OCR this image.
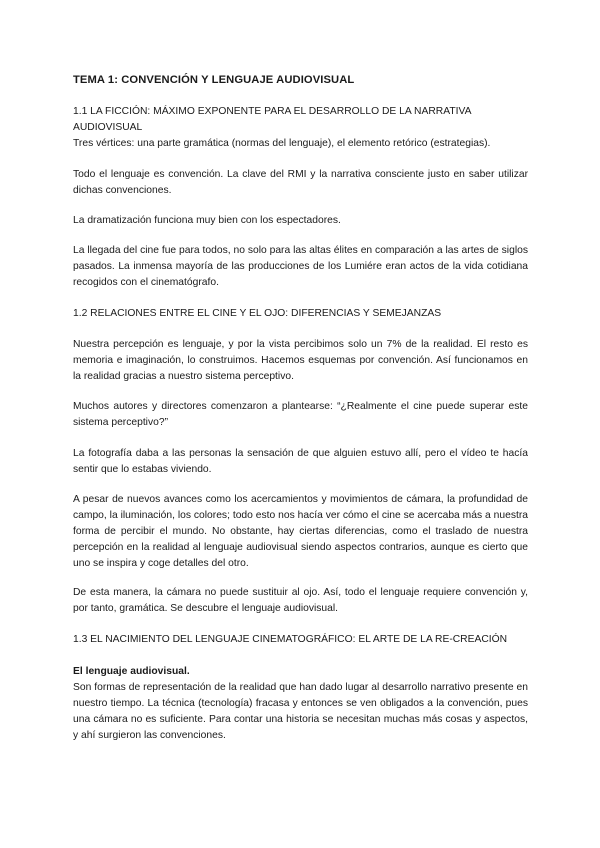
TEMA 1: CONVENCIÓN Y LENGUAJE AUDIOVISUAL

1.1 LA FICCIÓN: MÁXIMO EXPONENTE PARA EL DESARROLLO DE LA NARRATIVA AUDIOVISUAL

Tres vértices: una parte gramática (normas del lenguaje), el elemento retórico (estrategias).

Todo el lenguaje es convención. La clave del RMI y la narrativa consciente justo en saber utilizar dichas convenciones.

La dramatización funciona muy bien con los espectadores.

La llegada del cine fue para todos, no solo para las altas élites en comparación a las artes de siglos pasados. La inmensa mayoría de las producciones de los Lumiére eran actos de la vida cotidiana recogidos con el cinematógrafo.

1.2 RELACIONES ENTRE EL CINE Y EL OJO: DIFERENCIAS Y SEMEJANZAS

Nuestra percepción es lenguaje, y por la vista percibimos solo un 7% de la realidad. El resto es memoria e imaginación, lo construimos. Hacemos esquemas por convención. Así funcionamos en la realidad gracias a nuestro sistema perceptivo.

Muchos autores y directores comenzaron a plantearse: “¿Realmente el cine puede superar este sistema perceptivo?”

La fotografía daba a las personas la sensación de que alguien estuvo allí, pero el vídeo te hacía sentir que lo estabas viviendo.

A pesar de nuevos avances como los acercamientos y movimientos de cámara, la profundidad de campo, la iluminación, los colores; todo esto nos hacía ver cómo el cine se acercaba más a nuestra forma de percibir el mundo. No obstante, hay ciertas diferencias, como el traslado de nuestra percepción en la realidad al lenguaje audiovisual siendo aspectos contrarios, aunque es cierto que uno se inspira y coge detalles del otro.

De esta manera, la cámara no puede sustituir al ojo. Así, todo el lenguaje requiere convención y, por tanto, gramática. Se descubre el lenguaje audiovisual.

1.3 EL NACIMIENTO DEL LENGUAJE CINEMATOGRÁFICO: EL ARTE DE LA RE-CREACIÓN

El lenguaje audiovisual.

Son formas de representación de la realidad que han dado lugar al desarrollo narrativo presente en nuestro tiempo. La técnica (tecnología) fracasa y entonces se ven obligados a la convención, pues una cámara no es suficiente. Para contar una historia se necesitan muchas más cosas y aspectos, y ahí surgieron las convenciones.
